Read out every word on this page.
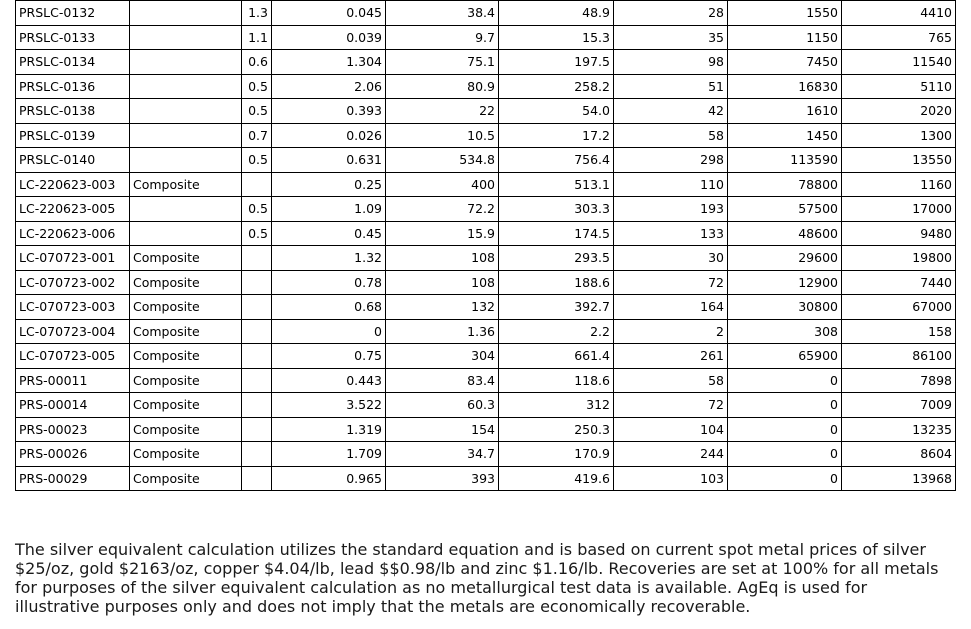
PRSLC-0132		1.3	0.045	38.4	48.9	28	1550	4410
PRSLC-0133		1.1	0.039	9.7	15.3	35	1150	765
PRSLC-0134		0.6	1.304	75.1	197.5	98	7450	11540
PRSLC-0136		0.5	2.06	80.9	258.2	51	16830	5110
PRSLC-0138		0.5	0.393	22	54.0	42	1610	2020
PRSLC-0139		0.7	0.026	10.5	17.2	58	1450	1300
PRSLC-0140		0.5	0.631	534.8	756.4	298	113590	13550
LC-220623-003	Composite		0.25	400	513.1	110	78800	1160
LC-220623-005		0.5	1.09	72.2	303.3	193	57500	17000
LC-220623-006		0.5	0.45	15.9	174.5	133	48600	9480
LC-070723-001	Composite		1.32	108	293.5	30	29600	19800
LC-070723-002	Composite		0.78	108	188.6	72	12900	7440
LC-070723-003	Composite		0.68	132	392.7	164	30800	67000
LC-070723-004	Composite		0	1.36	2.2	2	308	158
LC-070723-005	Composite		0.75	304	661.4	261	65900	86100
PRS-00011	Composite		0.443	83.4	118.6	58	0	7898
PRS-00014	Composite		3.522	60.3	312	72	0	7009
PRS-00023	Composite		1.319	154	250.3	104	0	13235
PRS-00026	Composite		1.709	34.7	170.9	244	0	8604
PRS-00029	Composite		0.965	393	419.6	103	0	13968

The silver equivalent calculation utilizes the standard equation and is based on current spot metal prices of silver $25/oz, gold $2163/oz, copper $4.04/lb, lead $$0.98/lb and zinc $1.16/lb. Recoveries are set at 100% for all metals for purposes of the silver equivalent calculation as no metallurgical test data is available. AgEq is used for illustrative purposes only and does not imply that the metals are economically recoverable.
